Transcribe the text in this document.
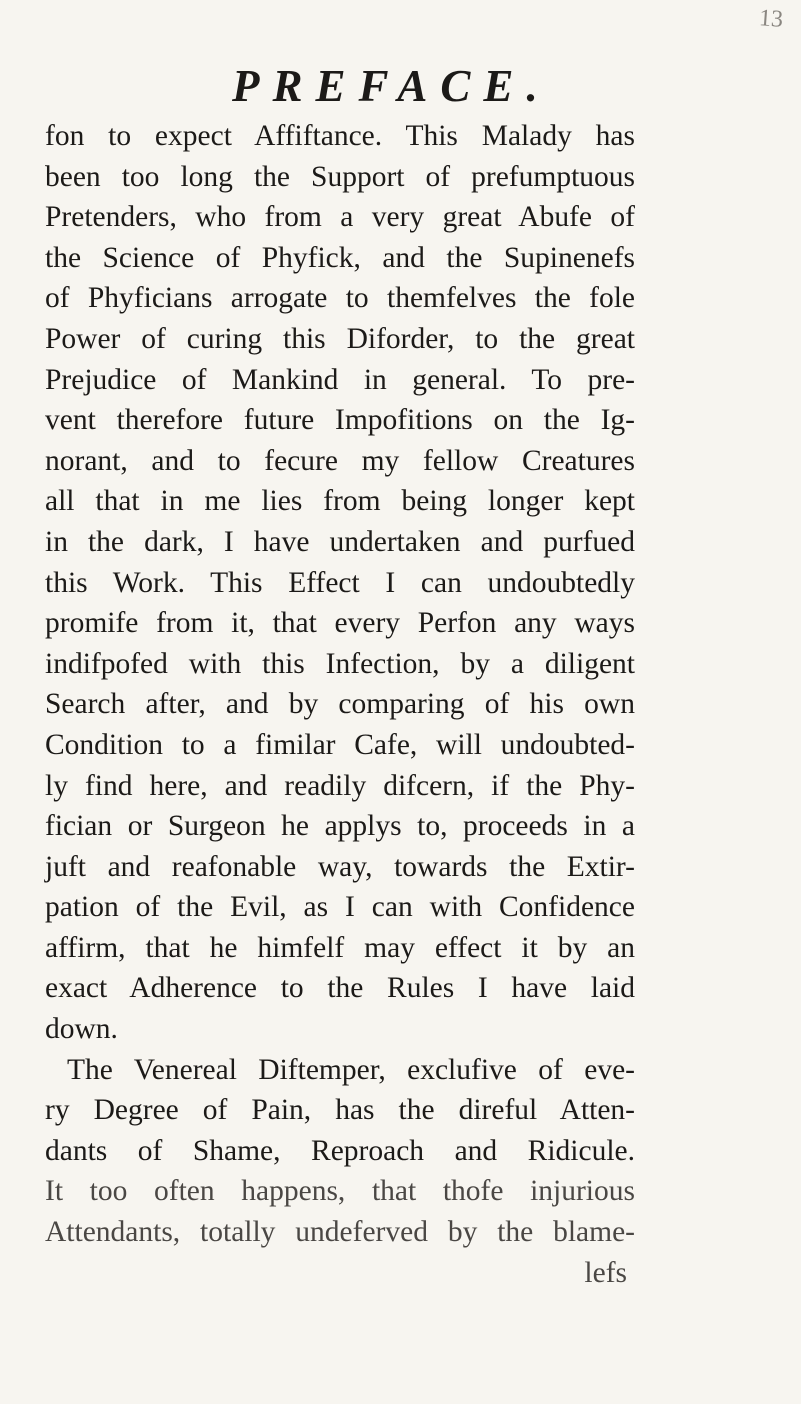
13
PREFACE.
fon to expect Affiftance. This Malady has
been too long the Support of prefumptuous
Pretenders, who from a very great Abufe of
the Science of Phyfick, and the Supinenefs
of Phyficians arrogate to themfelves the fole
Power of curing this Diforder, to the great
Prejudice of Mankind in general. To pre-
vent therefore future Impofitions on the Ig-
norant, and to fecure my fellow Creatures
all that in me lies from being longer kept
in the dark, I have undertaken and purfued
this Work. This Effect I can undoubtedly
promife from it, that every Perfon any ways
indifpofed with this Infection, by a diligent
Search after, and by comparing of his own
Condition to a fimilar Cafe, will undoubted-
ly find here, and readily difcern, if the Phy-
fician or Surgeon he applys to, proceeds in a
juft and reafonable way, towards the Extir-
pation of the Evil, as I can with Confidence
affirm, that he himfelf may effect it by an
exact Adherence to the Rules I have laid
down.
The Venereal Diftemper, exclufive of eve-
ry Degree of Pain, has the direful Atten-
dants of Shame, Reproach and Ridicule.
It too often happens, that thofe injurious
Attendants, totally undeferved by the blame-
lefs
